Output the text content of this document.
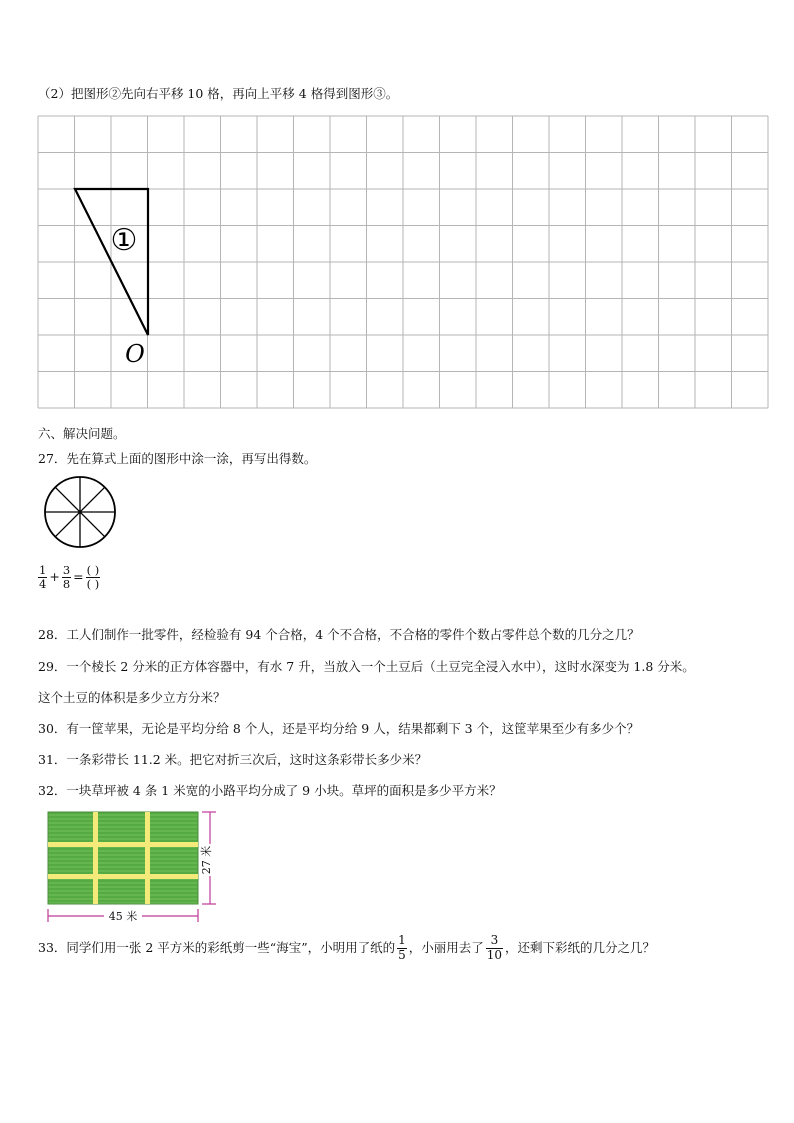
（2）把图形②先向右平移 10 格，再向上平移 4 格得到图形③。
①
O
六、解决问题。
27．先在算式上面的图形中涂一涂，再写出得数。
$\frac{1}{4} + \frac{3}{8} = \frac{( )}{( )}$
28．工人们制作一批零件，经检验有 94 个合格，4 个不合格，不合格的零件个数占零件总个数的几分之几？
29．一个棱长 2 分米的正方体容器中，有水 7 升，当放入一个土豆后（土豆完全浸入水中），这时水深变为 1.8 分米。
这个土豆的体积是多少立方分米？
30．有一筐苹果，无论是平均分给 8 个人，还是平均分给 9 人，结果都剩下 3 个，这筐苹果至少有多少个？
31．一条彩带长 11.2 米。把它对折三次后，这时这条彩带长多少米？
32．一块草坪被 4 条 1 米宽的小路平均分成了 9 小块。草坪的面积是多少平方米？
27 米
45 米
33．同学们用一张 2 平方米的彩纸剪一些“海宝”，小明用了纸的 $\frac{1}{5}$ ，小丽用去了 $\frac{3}{10}$ ，还剩下彩纸的几分之几？
